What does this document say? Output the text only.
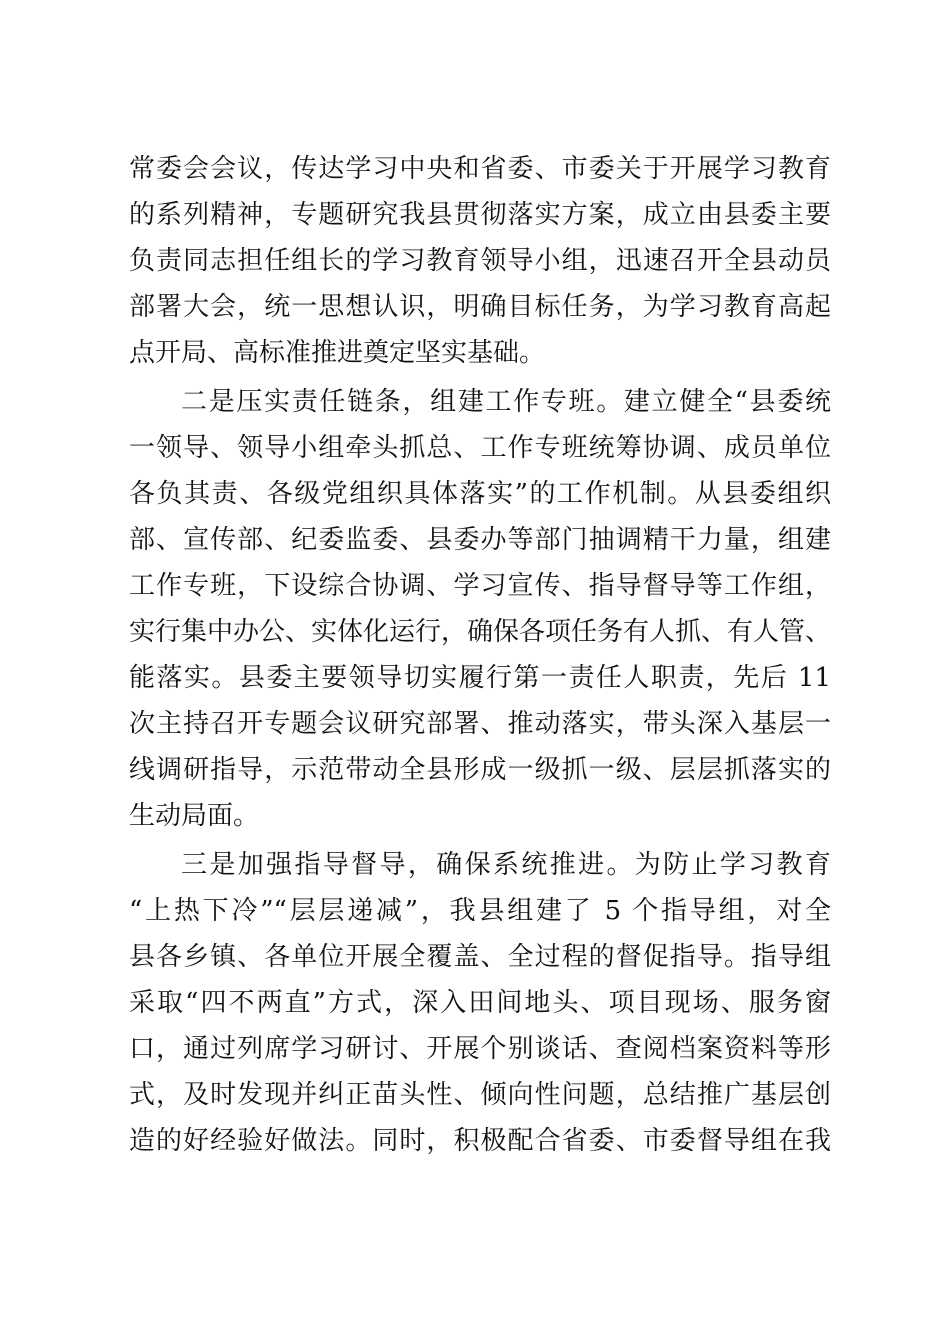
常委会会议，传达学习中央和省委、市委关于开展学习教育
的系列精神，专题研究我县贯彻落实方案，成立由县委主要
负责同志担任组长的学习教育领导小组，迅速召开全县动员
部署大会，统一思想认识，明确目标任务，为学习教育高起
点开局、高标准推进奠定坚实基础。
二是压实责任链条，组建工作专班。建立健全“县委统
一领导、领导小组牵头抓总、工作专班统筹协调、成员单位
各负其责、各级党组织具体落实”的工作机制。从县委组织
部、宣传部、纪委监委、县委办等部门抽调精干力量，组建
工作专班，下设综合协调、学习宣传、指导督导等工作组，
实行集中办公、实体化运行，确保各项任务有人抓、有人管、
能落实。县委主要领导切实履行第一责任人职责，先后 11
次主持召开专题会议研究部署、推动落实，带头深入基层一
线调研指导，示范带动全县形成一级抓一级、层层抓落实的
生动局面。
三是加强指导督导，确保系统推进。为防止学习教育
“上热下冷”“层层递减”，我县组建了 5 个指导组，对全
县各乡镇、各单位开展全覆盖、全过程的督促指导。指导组
采取“四不两直”方式，深入田间地头、项目现场、服务窗
口，通过列席学习研讨、开展个别谈话、查阅档案资料等形
式，及时发现并纠正苗头性、倾向性问题，总结推广基层创
造的好经验好做法。同时，积极配合省委、市委督导组在我
